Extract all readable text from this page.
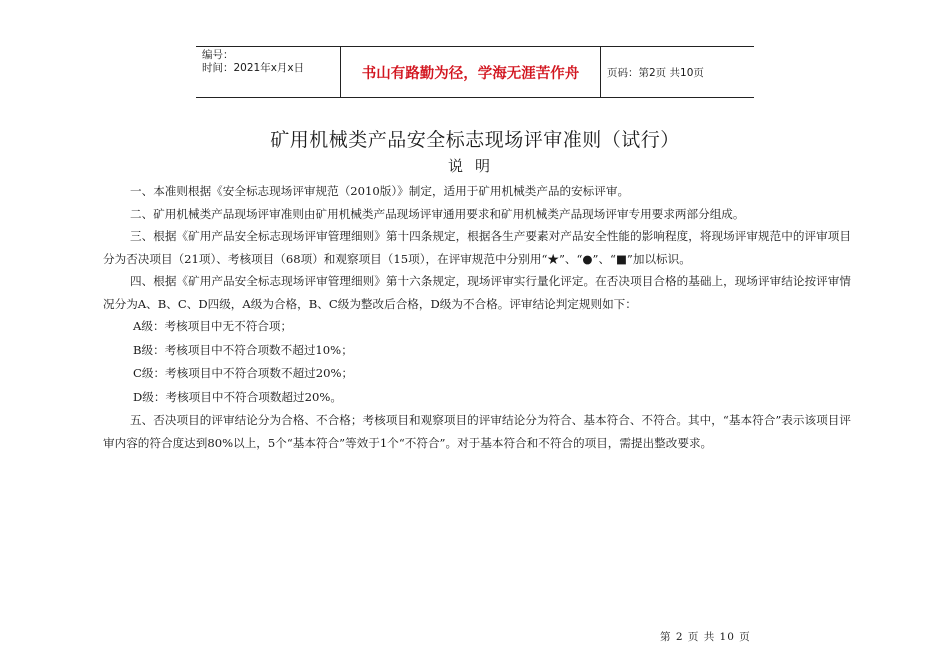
编号：
时间：2021年x月x日	书山有路勤为径，学海无涯苦作舟	页码：第2页 共10页
矿用机械类产品安全标志现场评审准则（试行）
说明

一、本准则根据《安全标志现场评审规范（2010版）》制定，适用于矿用机械类产品的安标评审。

二、矿用机械类产品现场评审准则由矿用机械类产品现场评审通用要求和矿用机械类产品现场评审专用要求两部分组成。

三、根据《矿用产品安全标志现场评审管理细则》第十四条规定，根据各生产要素对产品安全性能的影响程度，将现场评审规范中的评审项目分为否决项目（21项）、考核项目（68项）和观察项目（15项），在评审规范中分别用“★”、“●”、“■”加以标识。

四、根据《矿用产品安全标志现场评审管理细则》第十六条规定，现场评审实行量化评定。在否决项目合格的基础上，现场评审结论按评审情况分为A、B、C、D四级，A级为合格，B、C级为整改后合格，D级为不合格。评审结论判定规则如下：

A级：考核项目中无不符合项；

B级：考核项目中不符合项数不超过10%；

C级：考核项目中不符合项数不超过20%；

D级：考核项目中不符合项数超过20%。

五、否决项目的评审结论分为合格、不合格；考核项目和观察项目的评审结论分为符合、基本符合、不符合。其中，“基本符合”表示该项目评审内容的符合度达到80%以上，5个“基本符合”等效于1个“不符合”。对于基本符合和不符合的项目，需提出整改要求。

第 2 页 共 10 页
